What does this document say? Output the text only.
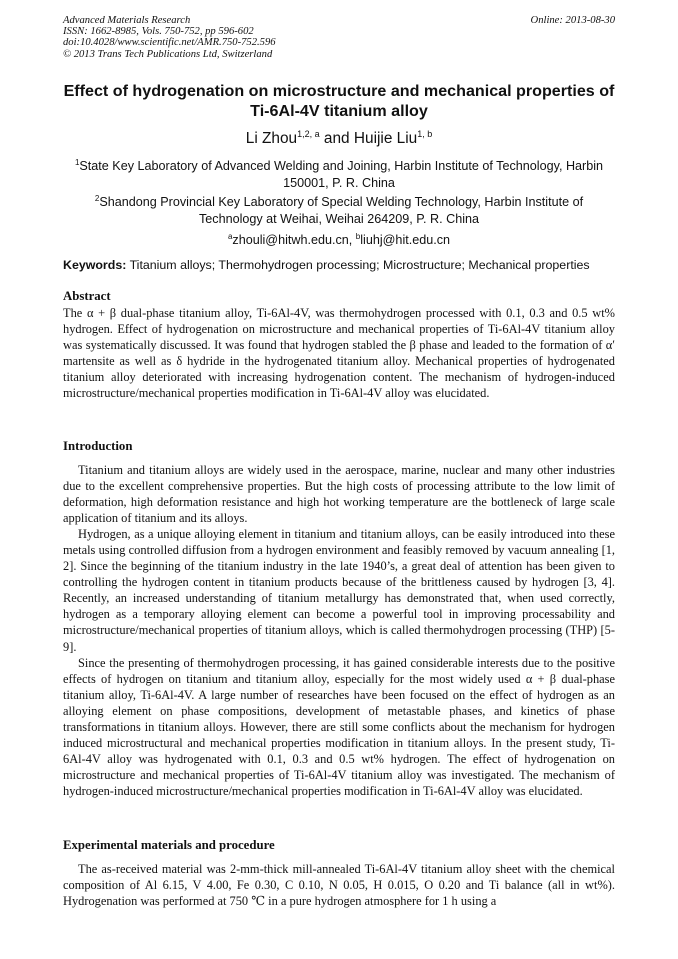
Advanced Materials Research
ISSN: 1662-8985, Vols. 750-752, pp 596-602
doi:10.4028/www.scientific.net/AMR.750-752.596
© 2013 Trans Tech Publications Ltd, Switzerland
Online: 2013-08-30
Effect of hydrogenation on microstructure and mechanical properties of
Ti-6Al-4V titanium alloy
Li Zhou$^{1,2, a}$ and Huijie Liu$^{1, b}$
$^1$State Key Laboratory of Advanced Welding and Joining, Harbin Institute of Technology, Harbin
150001, P. R. China
$^2$Shandong Provincial Key Laboratory of Special Welding Technology, Harbin Institute of
Technology at Weihai, Weihai 264209, P. R. China
$^a$zhouli@hitwh.edu.cn, $^b$liuhj@hit.edu.cn
Keywords: Titanium alloys; Thermohydrogen processing; Microstructure; Mechanical properties
Abstract

The α + β dual-phase titanium alloy, Ti-6Al-4V, was thermohydrogen processed with 0.1, 0.3 and 0.5 wt% hydrogen. Effect of hydrogenation on microstructure and mechanical properties of Ti-6Al-4V titanium alloy was systematically discussed. It was found that hydrogen stabled the β phase and leaded to the formation of α′ martensite as well as δ hydride in the hydrogenated titanium alloy. Mechanical properties of hydrogenated titanium alloy deteriorated with increasing hydrogenation content. The mechanism of hydrogen-induced microstructure/mechanical properties modification in Ti-6Al-4V alloy was elucidated.

Introduction

Titanium and titanium alloys are widely used in the aerospace, marine, nuclear and many other industries due to the excellent comprehensive properties. But the high costs of processing attribute to the low limit of deformation, high deformation resistance and high hot working temperature are the bottleneck of large scale application of titanium and its alloys.

Hydrogen, as a unique alloying element in titanium and titanium alloys, can be easily introduced into these metals using controlled diffusion from a hydrogen environment and feasibly removed by vacuum annealing [1, 2]. Since the beginning of the titanium industry in the late 1940’s, a great deal of attention has been given to controlling the hydrogen content in titanium products because of the brittleness caused by hydrogen [3, 4]. Recently, an increased understanding of titanium metallurgy has demonstrated that, when used correctly, hydrogen as a temporary alloying element can become a powerful tool in improving processability and microstructure/mechanical properties of titanium alloys, which is called thermohydrogen processing (THP) [5-9].

Since the presenting of thermohydrogen processing, it has gained considerable interests due to the positive effects of hydrogen on titanium and titanium alloy, especially for the most widely used α + β dual-phase titanium alloy, Ti-6Al-4V. A large number of researches have been focused on the effect of hydrogen as an alloying element on phase compositions, development of metastable phases, and kinetics of phase transformations in titanium alloys. However, there are still some conflicts about the mechanism for hydrogen induced microstructural and mechanical properties modification in titanium alloys. In the present study, Ti-6Al-4V alloy was hydrogenated with 0.1, 0.3 and 0.5 wt% hydrogen. The effect of hydrogenation on microstructure and mechanical properties of Ti-6Al-4V titanium alloy was investigated. The mechanism of hydrogen-induced microstructure/mechanical properties modification in Ti-6Al-4V alloy was elucidated.

Experimental materials and procedure

The as-received material was 2-mm-thick mill-annealed Ti-6Al-4V titanium alloy sheet with the chemical composition of Al 6.15, V 4.00, Fe 0.30, C 0.10, N 0.05, H 0.015, O 0.20 and Ti balance (all in wt%). Hydrogenation was performed at 750 ℃ in a pure hydrogen atmosphere for 1 h using a
